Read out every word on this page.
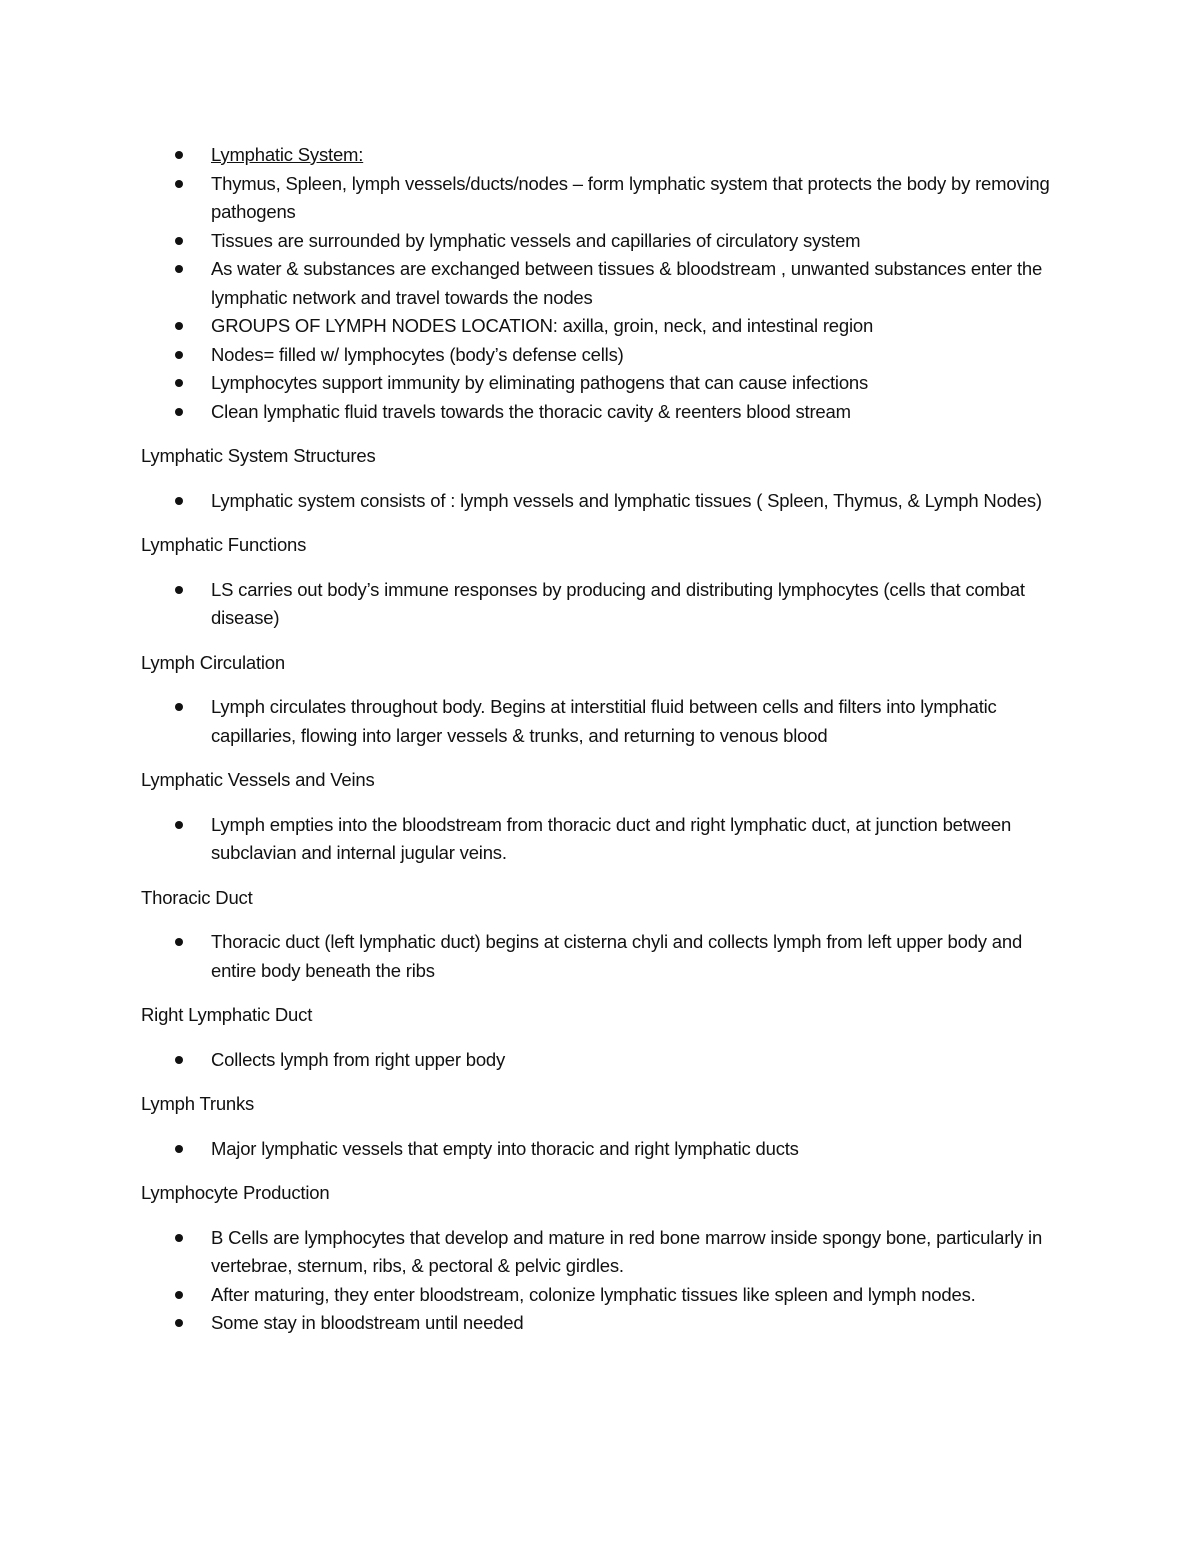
Lymphatic System:
Thymus, Spleen, lymph vessels/ducts/nodes – form lymphatic system that protects the body by removing pathogens
Tissues are surrounded by lymphatic vessels and capillaries of circulatory system
As water & substances are exchanged between tissues & bloodstream , unwanted substances enter the lymphatic network and travel towards the nodes
GROUPS OF LYMPH NODES LOCATION: axilla, groin, neck, and intestinal region
Nodes= filled w/ lymphocytes (body’s defense cells)
Lymphocytes support immunity by eliminating pathogens that can cause infections
Clean lymphatic fluid travels towards the thoracic cavity & reenters blood stream
Lymphatic System Structures
Lymphatic system consists of : lymph vessels and lymphatic tissues ( Spleen, Thymus, & Lymph Nodes)
Lymphatic Functions
LS carries out body’s immune responses by producing and distributing lymphocytes (cells that combat disease)
Lymph Circulation
Lymph circulates throughout body. Begins at interstitial fluid between cells and filters into lymphatic capillaries, flowing into larger vessels & trunks, and returning to venous blood
Lymphatic Vessels and Veins
Lymph empties into the bloodstream from thoracic duct and right lymphatic duct, at junction between subclavian and internal jugular veins.
Thoracic Duct
Thoracic duct (left lymphatic duct) begins at cisterna chyli and collects lymph from left upper body and entire body beneath the ribs
Right Lymphatic Duct
Collects lymph from right upper body
Lymph Trunks
Major lymphatic vessels that empty into thoracic and right lymphatic ducts
Lymphocyte Production
B Cells are lymphocytes that develop and mature in red bone marrow inside spongy bone, particularly in vertebrae, sternum, ribs, & pectoral & pelvic girdles.
After maturing, they enter bloodstream, colonize lymphatic tissues like spleen and lymph nodes.
Some stay in bloodstream until needed
